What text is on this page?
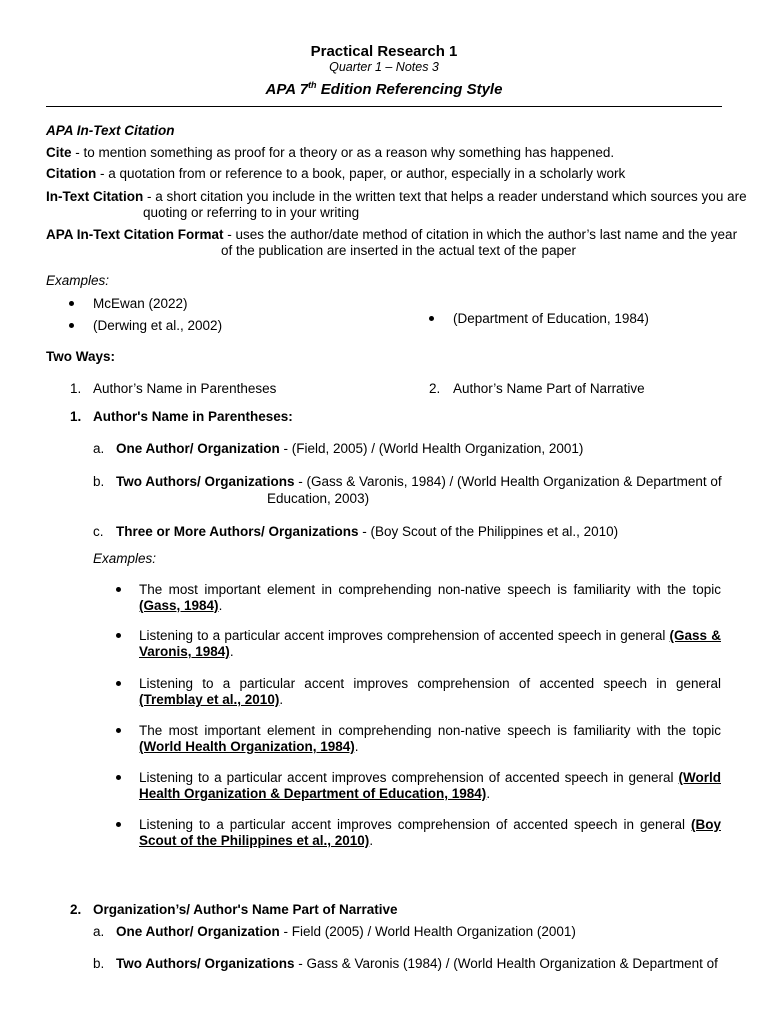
Practical Research 1
Quarter 1 – Notes 3
APA 7th Edition Referencing Style
APA In-Text Citation
Cite - to mention something as proof for a theory or as a reason why something has happened.
Citation - a quotation from or reference to a book, paper, or author, especially in a scholarly work
In-Text Citation - a short citation you include in the written text that helps a reader understand which sources you are
quoting or referring to in your writing
APA In-Text Citation Format - uses the author/date method of citation in which the author’s last name and the year
of the publication are inserted in the actual text of the paper
Examples:
McEwan (2022)
(Derwing et al., 2002)	(Department of Education, 1984)
Two Ways:
1. Author’s Name in Parentheses	2. Author’s Name Part of Narrative
1. Author's Name in Parentheses:
a. One Author/ Organization - (Field, 2005) / (World Health Organization, 2001)
b. Two Authors/ Organizations - (Gass & Varonis, 1984) / (World Health Organization & Department of
Education, 2003)
c. Three or More Authors/ Organizations - (Boy Scout of the Philippines et al., 2010)
Examples:
The most important element in comprehending non-native speech is familiarity with the topic (Gass, 1984).
Listening to a particular accent improves comprehension of accented speech in general (Gass & Varonis, 1984).
Listening to a particular accent improves comprehension of accented speech in general (Tremblay et al., 2010).
The most important element in comprehending non-native speech is familiarity with the topic (World Health Organization, 1984).
Listening to a particular accent improves comprehension of accented speech in general (World Health Organization & Department of Education, 1984).
Listening to a particular accent improves comprehension of accented speech in general (Boy Scout of the Philippines et al., 2010).
2. Organization’s/ Author's Name Part of Narrative
a. One Author/ Organization - Field (2005) / World Health Organization (2001)
b. Two Authors/ Organizations - Gass & Varonis (1984) / (World Health Organization & Department of
